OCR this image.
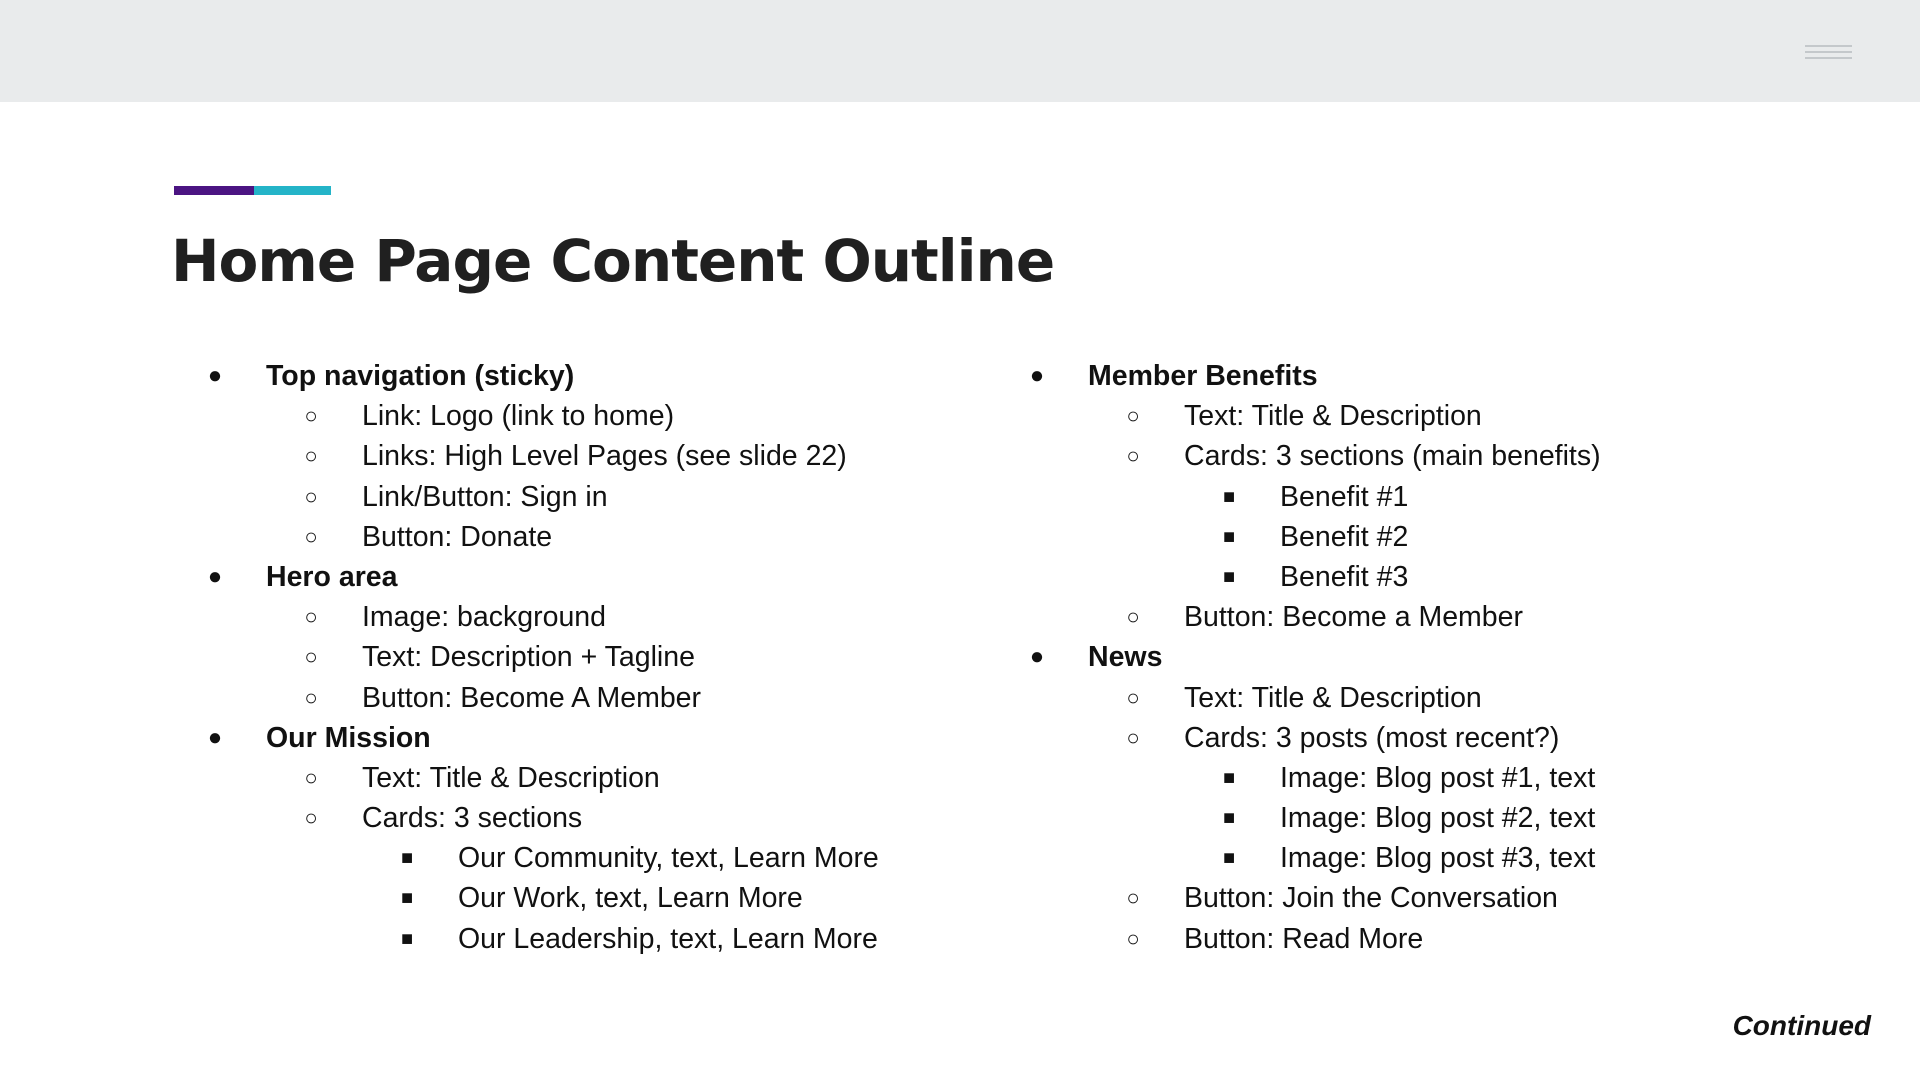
Home Page Content Outline
● Top navigation (sticky)
○ Link: Logo (link to home)
○ Links: High Level Pages (see slide 22)
○ Link/Button: Sign in
○ Button: Donate
● Hero area
○ Image: background
○ Text: Description + Tagline
○ Button: Become A Member
● Our Mission
○ Text: Title & Description
○ Cards: 3 sections
■	Our Community, text, Learn More
■	Our Work, text, Learn More
■	Our Leadership, text, Learn More
● Member Benefits
○ Text: Title & Description
○ Cards: 3 sections (main benefits)
■	Benefit #1
■	Benefit #2
■	Benefit #3
○ Button: Become a Member
● News
○ Text: Title & Description
○ Cards: 3 posts (most recent?)
■	Image: Blog post #1, text
■	Image: Blog post #2, text
■	Image: Blog post #3, text
○ Button: Join the Conversation
○ Button: Read More

Continued
